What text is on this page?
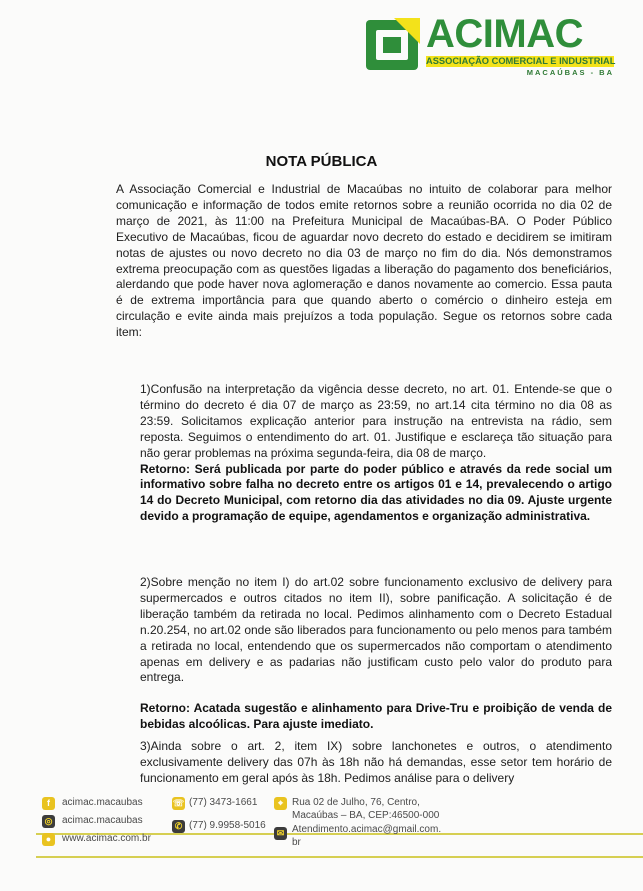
ACIMAC
ASSOCIAÇÃO COMERCIAL E INDUSTRIAL
MACAÚBAS - BA
NOTA PÚBLICA
A Associação Comercial e Industrial de Macaúbas no intuito de colaborar para melhor comunicação e informação de todos emite retornos sobre a reunião ocorrida no dia 02 de março de 2021, às 11:00 na Prefeitura Municipal de Macaúbas-BA. O Poder Público Executivo de Macaúbas, ficou de aguardar novo decreto do estado e decidirem se imitiram notas de ajustes ou novo decreto no dia 03 de março no fim do dia. Nós demonstramos extrema preocupação com as questões ligadas a liberação do pagamento dos beneficiários, alerdando que pode haver nova aglomeração e danos novamente ao comercio. Essa pauta é de extrema importância para que quando aberto o comércio o dinheiro esteja em circulação e evite ainda mais prejuízos a toda população. Segue os retornos sobre cada item:
1)Confusão na interpretação da vigência desse decreto, no art. 01. Entende-se que o término do decreto é dia 07 de março as 23:59, no art.14 cita término no dia 08 as 23:59. Solicitamos explicação anterior para instrução na entrevista na rádio, sem reposta. Seguimos o entendimento do art. 01. Justifique e esclareça tão situação para não gerar problemas na próxima segunda-feira, dia 08 de março.
Retorno: Será publicada por parte do poder público e através da rede social um informativo sobre falha no decreto entre os artigos 01 e 14, prevalecendo o artigo 14 do Decreto Municipal, com retorno dia das atividades no dia 09. Ajuste urgente devido a programação de equipe, agendamentos e organização administrativa.
2)Sobre menção no item I) do art.02 sobre funcionamento exclusivo de delivery para supermercados e outros citados no item II), sobre panificação. A solicitação é de liberação também da retirada no local. Pedimos alinhamento com o Decreto Estadual n.20.254, no art.02 onde são liberados para funcionamento ou pelo menos para também a retirada no local, entendendo que os supermercados não comportam o atendimento apenas em delivery e as padarias não justificam custo pelo valor do produto para entrega.
Retorno: Acatada sugestão e alinhamento para Drive-Tru e proibição de venda de bebidas alcoólicas. Para ajuste imediato.
3)Ainda sobre o art. 2, item IX) sobre lanchonetes e outros, o atendimento exclusivamente delivery das 07h às 18h não há demandas, esse setor tem horário de funcionamento em geral após às 18h. Pedimos análise para o delivery
f	acimac.macaubas
◎ acimac.macaubas
●	www.acimac.com.br
☏ (77) 3473-1661
✆ (77) 9.9958-5016
⌖ Rua 02 de Julho, 76, Centro,
Macaúbas – BA, CEP:46500-000
✉ Atendimento.acimac@gmail.com.
br
